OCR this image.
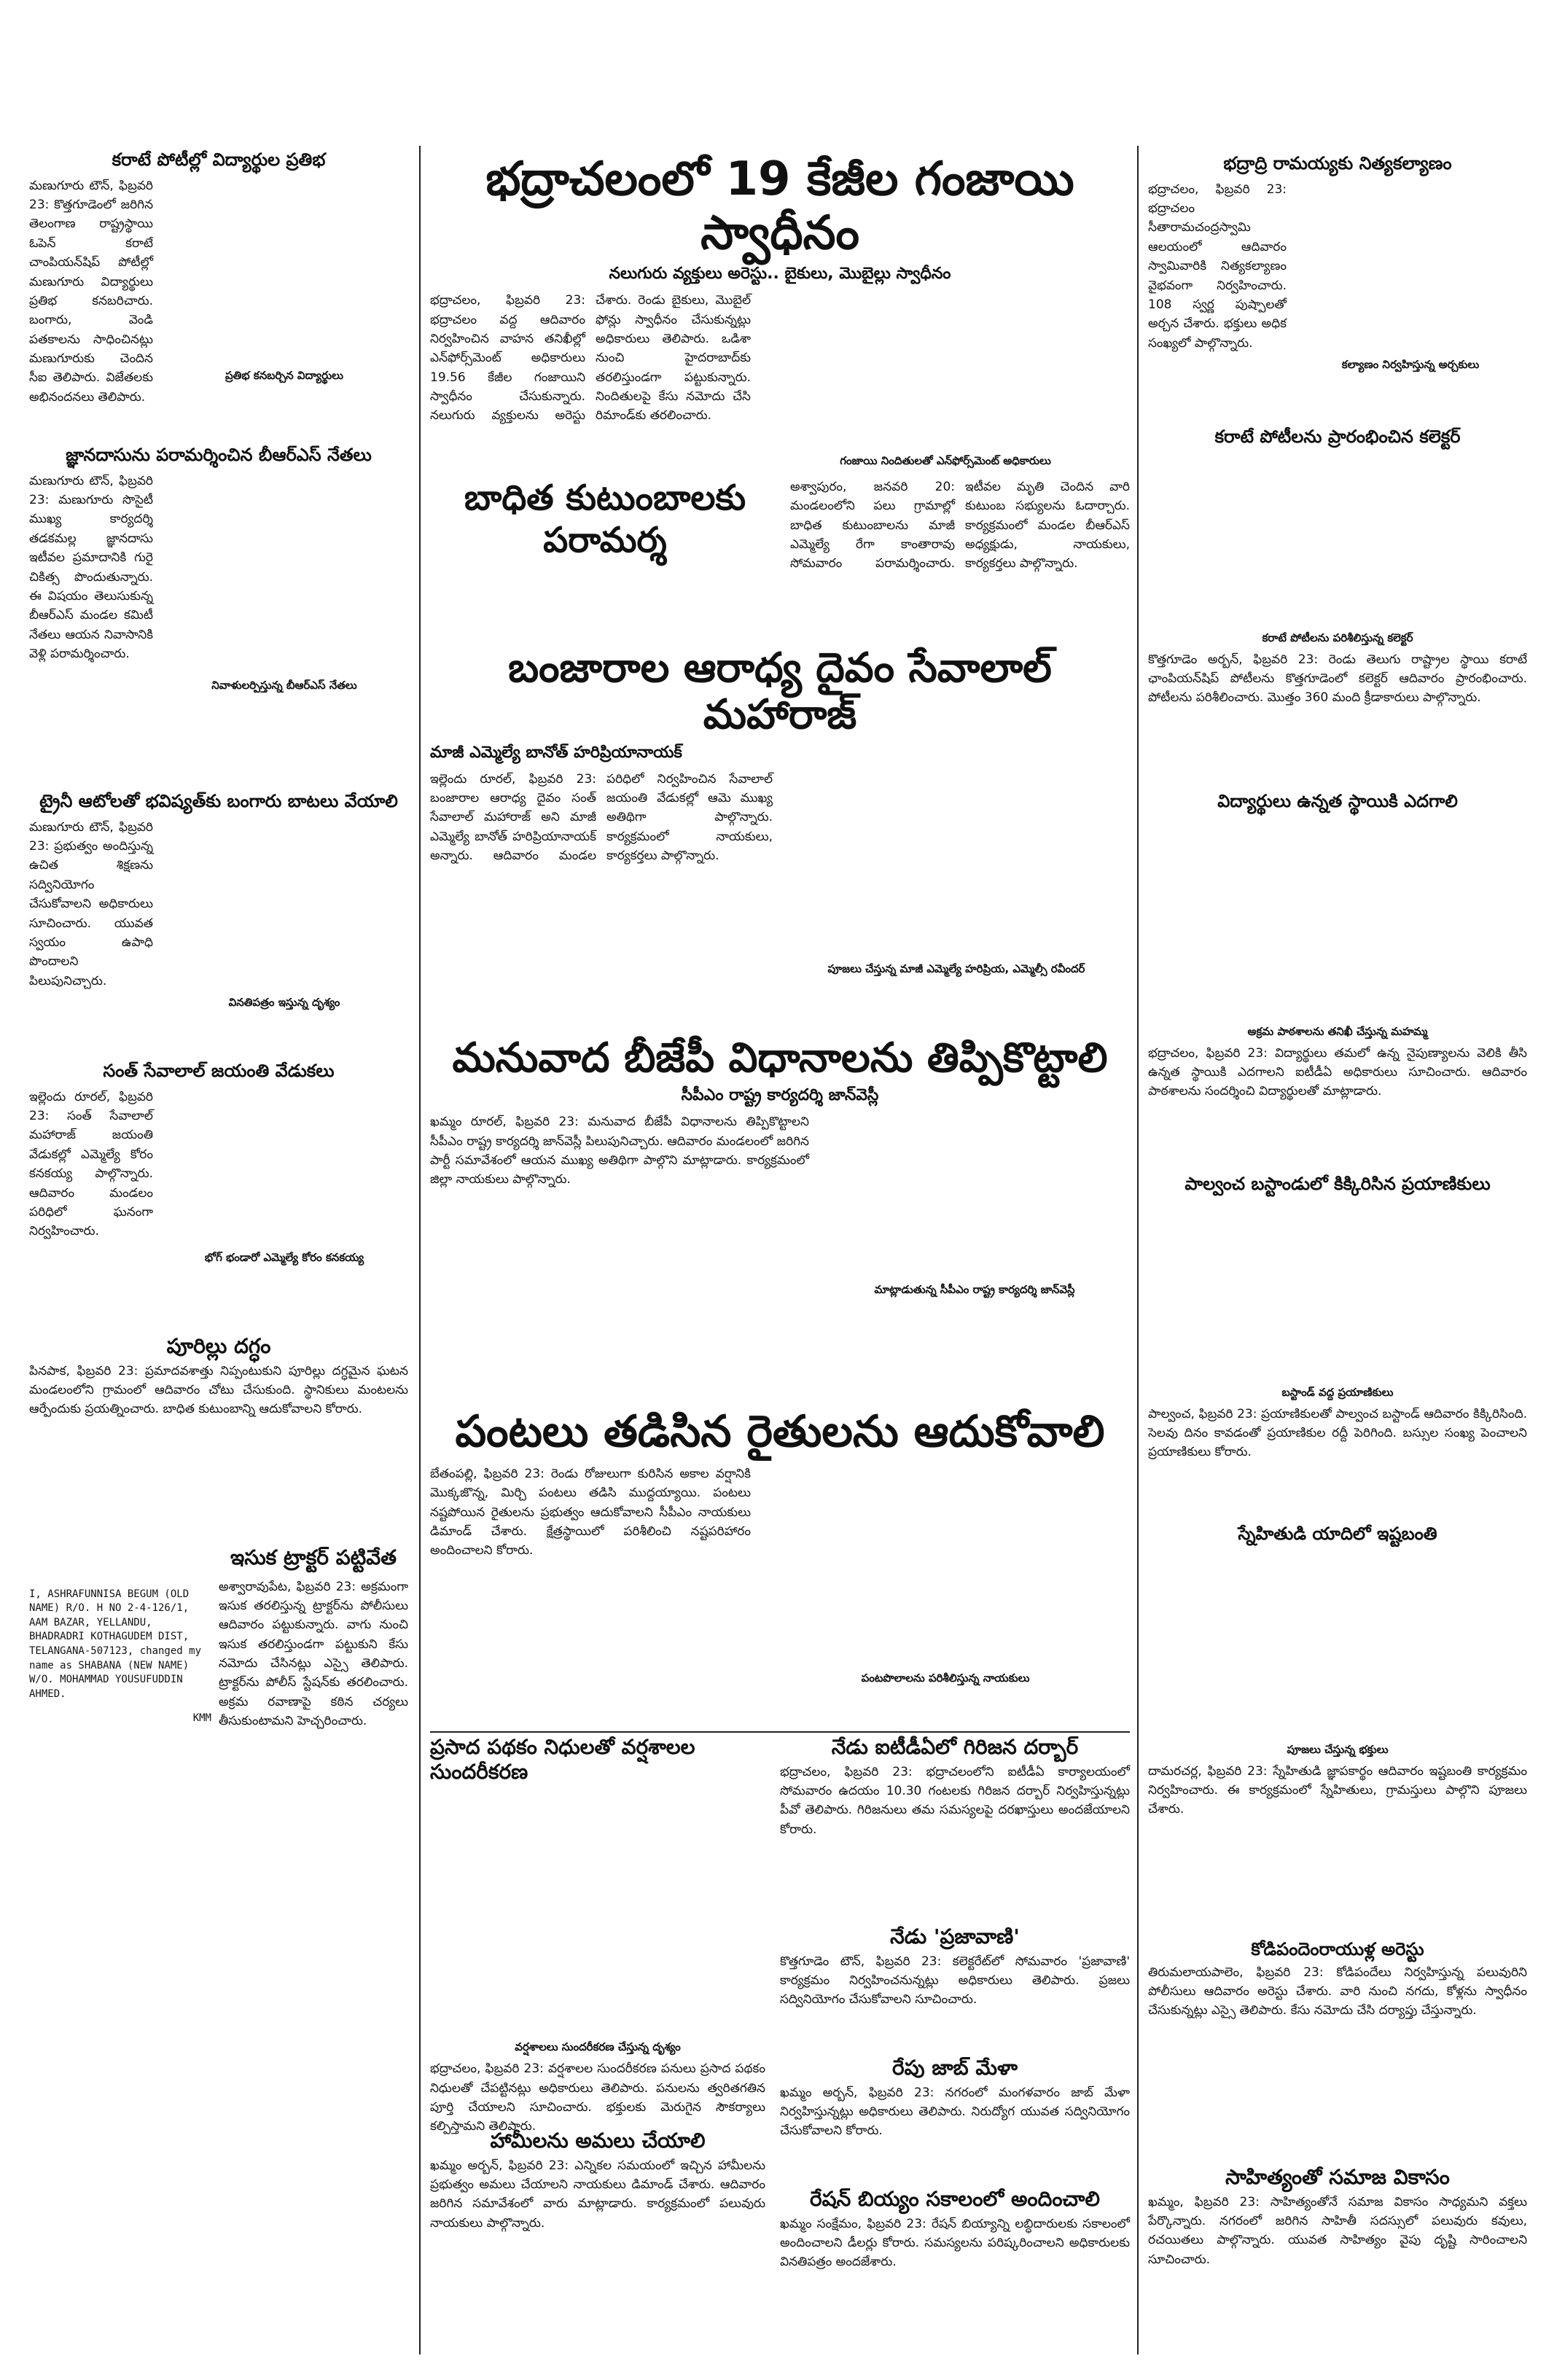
కరాటే పోటీల్లో విద్యార్థుల ప్రతిభ

మణుగూరు టౌన్, ఫిబ్రవరి 23: కొత్తగూడెంలో జరిగిన తెలంగాణ రాష్ట్రస్థాయి ఓపెన్ కరాటే చాంపియన్‌షిప్ పోటీల్లో మణుగూరు విద్యార్థులు ప్రతిభ కనబరిచారు. బంగారు, వెండి పతకాలను సాధించినట్లు మణుగూరుకు చెందిన సీఐ తెలిపారు. విజేతలకు అభినందనలు తెలిపారు.

ప్రతిభ కనబర్చిన విద్యార్థులు

జ్ఞానదాసును పరామర్శించిన బీఆర్ఎస్ నేతలు

మణుగూరు టౌన్, ఫిబ్రవరి 23: మణుగూరు సొసైటీ ముఖ్య కార్యదర్శి తడకమల్ల జ్ఞానదాసు ఇటీవల ప్రమాదానికి గురై చికిత్స పొందుతున్నారు. ఈ విషయం తెలుసుకున్న బీఆర్ఎస్ మండల కమిటీ నేతలు ఆయన నివాసానికి వెళ్లి పరామర్శించారు.

నివాళులర్పిస్తున్న బీఆర్ఎస్ నేతలు

ట్రైనీ ఆటోలతో భవిష్యత్‌కు బంగారు బాటలు వేయాలి

మణుగూరు టౌన్, ఫిబ్రవరి 23: ప్రభుత్వం అందిస్తున్న ఉచిత శిక్షణను సద్వినియోగం చేసుకోవాలని అధికారులు సూచించారు. యువత స్వయం ఉపాధి పొందాలని పిలుపునిచ్చారు.

వినతిపత్రం ఇస్తున్న దృశ్యం

సంత్ సేవాలాల్ జయంతి వేడుకలు

ఇల్లెందు రూరల్, ఫిబ్రవరి 23: సంత్ సేవాలాల్ మహారాజ్ జయంతి వేడుకల్లో ఎమ్మెల్యే కోరం కనకయ్య పాల్గొన్నారు. ఆదివారం మండలం పరిధిలో ఘనంగా నిర్వహించారు.

భోగ్ భండారో ఎమ్మెల్యే కోరం కనకయ్య

పూరిల్లు దగ్ధం

పినపాక, ఫిబ్రవరి 23: ప్రమాదవశాత్తు నిప్పంటుకుని పూరిల్లు దగ్ధమైన ఘటన మండలంలోని గ్రామంలో ఆదివారం చోటు చేసుకుంది. స్థానికులు మంటలను ఆర్పేందుకు ప్రయత్నించారు. బాధిత కుటుంబాన్ని ఆదుకోవాలని కోరారు.

ఇసుక ట్రాక్టర్ పట్టివేత

I, ASHRAFUNNISA BEGUM (OLD NAME) R/O. H NO 2-4-126/1, AAM BAZAR, YELLANDU, BHADRADRI KOTHAGUDEM DIST, TELANGANA-507123, changed my name as SHABANA (NEW NAME) W/O. MOHAMMAD YOUSUFUDDIN AHMED.

KMM

అశ్వారావుపేట, ఫిబ్రవరి 23: అక్రమంగా ఇసుక తరలిస్తున్న ట్రాక్టర్‌ను పోలీసులు ఆదివారం పట్టుకున్నారు. వాగు నుంచి ఇసుక తరలిస్తుండగా పట్టుకుని కేసు నమోదు చేసినట్లు ఎస్సై తెలిపారు. ట్రాక్టర్‌ను పోలీస్ స్టేషన్‌కు తరలించారు. అక్రమ రవాణాపై కఠిన చర్యలు తీసుకుంటామని హెచ్చరించారు.

భద్రాచలంలో 19 కేజీల గంజాయి స్వాధీనం

నలుగురు వ్యక్తులు అరెస్టు.. బైకులు, మొబైల్లు స్వాధీనం

భద్రాచలం, ఫిబ్రవరి 23: భద్రాచలం వద్ద ఆదివారం నిర్వహించిన వాహన తనిఖీల్లో ఎన్‌ఫోర్స్‌మెంట్ అధికారులు 19.56 కేజీల గంజాయిని స్వాధీనం చేసుకున్నారు. నలుగురు వ్యక్తులను అరెస్టు చేశారు. రెండు బైకులు, మొబైల్ ఫోన్లు స్వాధీనం చేసుకున్నట్లు అధికారులు తెలిపారు. ఒడిశా నుంచి హైదరాబాద్‌కు తరలిస్తుండగా పట్టుకున్నారు. నిందితులపై కేసు నమోదు చేసి రిమాండ్‌కు తరలించారు.

గంజాయి నిందితులతో ఎన్‌ఫోర్స్‌మెంట్ అధికారులు

బాధిత కుటుంబాలకు పరామర్శ

అశ్వాపురం, జనవరి 20: మండలంలోని పలు గ్రామాల్లో బాధిత కుటుంబాలను మాజీ ఎమ్మెల్యే రేగా కాంతారావు సోమవారం పరామర్శించారు. ఇటీవల మృతి చెందిన వారి కుటుంబ సభ్యులను ఓదార్చారు. కార్యక్రమంలో మండల బీఆర్ఎస్ అధ్యక్షుడు, నాయకులు, కార్యకర్తలు పాల్గొన్నారు.

బంజారాల ఆరాధ్య దైవం సేవాలాల్ మహారాజ్

మాజీ ఎమ్మెల్యే బానోత్ హరిప్రియానాయక్

ఇల్లెందు రూరల్, ఫిబ్రవరి 23: బంజారాల ఆరాధ్య దైవం సంత్ సేవాలాల్ మహారాజ్ అని మాజీ ఎమ్మెల్యే బానోత్ హరిప్రియానాయక్ అన్నారు. ఆదివారం మండల పరిధిలో నిర్వహించిన సేవాలాల్ జయంతి వేడుకల్లో ఆమె ముఖ్య అతిథిగా పాల్గొన్నారు. కార్యక్రమంలో నాయకులు, కార్యకర్తలు పాల్గొన్నారు.

పూజలు చేస్తున్న మాజీ ఎమ్మెల్యే హరిప్రియ, ఎమ్మెల్సీ రవీందర్

మనువాద బీజేపీ విధానాలను తిప్పికొట్టాలి

సీపీఎం రాష్ట్ర కార్యదర్శి జాన్‌వెస్లీ

ఖమ్మం రూరల్, ఫిబ్రవరి 23: మనువాద బీజేపీ విధానాలను తిప్పికొట్టాలని సీపీఎం రాష్ట్ర కార్యదర్శి జాన్‌వెస్లీ పిలుపునిచ్చారు. ఆదివారం మండలంలో జరిగిన పార్టీ సమావేశంలో ఆయన ముఖ్య అతిథిగా పాల్గొని మాట్లాడారు. కార్యక్రమంలో జిల్లా నాయకులు పాల్గొన్నారు.

మాట్లాడుతున్న సీపీఎం రాష్ట్ర కార్యదర్శి జాన్‌వెస్లీ

పంటలు తడిసిన రైతులను ఆదుకోవాలి

బేతంపల్లి, ఫిబ్రవరి 23: రెండు రోజులుగా కురిసిన అకాల వర్షానికి మొక్కజొన్న, మిర్చి పంటలు తడిసి ముద్దయ్యాయి. పంటలు నష్టపోయిన రైతులను ప్రభుత్వం ఆదుకోవాలని సీపీఎం నాయకులు డిమాండ్ చేశారు. క్షేత్రస్థాయిలో పరిశీలించి నష్టపరిహారం అందించాలని కోరారు.

పంటపొలాలను పరిశీలిస్తున్న నాయకులు

ప్రసాద పథకం నిధులతో వర్షశాలల సుందరీకరణ

వర్షశాలలు సుందరీకరణ చేస్తున్న దృశ్యం

భద్రాచలం, ఫిబ్రవరి 23: వర్షశాలల సుందరీకరణ పనులు ప్రసాద పథకం నిధులతో చేపట్టినట్లు అధికారులు తెలిపారు. పనులను త్వరితగతిన పూర్తి చేయాలని సూచించారు. భక్తులకు మెరుగైన సౌకర్యాలు కల్పిస్తామని తెలిపారు.

హామీలను అమలు చేయాలి

ఖమ్మం అర్బన్, ఫిబ్రవరి 23: ఎన్నికల సమయంలో ఇచ్చిన హామీలను ప్రభుత్వం అమలు చేయాలని నాయకులు డిమాండ్ చేశారు. ఆదివారం జరిగిన సమావేశంలో వారు మాట్లాడారు. కార్యక్రమంలో పలువురు నాయకులు పాల్గొన్నారు.

నేడు ఐటీడీఏలో గిరిజన దర్బార్

భద్రాచలం, ఫిబ్రవరి 23: భద్రాచలంలోని ఐటీడీఏ కార్యాలయంలో సోమవారం ఉదయం 10.30 గంటలకు గిరిజన దర్బార్ నిర్వహిస్తున్నట్లు పీవో తెలిపారు. గిరిజనులు తమ సమస్యలపై దరఖాస్తులు అందజేయాలని కోరారు.

నేడు 'ప్రజావాణి'

కొత్తగూడెం టౌన్, ఫిబ్రవరి 23: కలెక్టరేట్‌లో సోమవారం 'ప్రజావాణి' కార్యక్రమం నిర్వహించనున్నట్లు అధికారులు తెలిపారు. ప్రజలు సద్వినియోగం చేసుకోవాలని సూచించారు.

రేపు జాబ్ మేళా

ఖమ్మం అర్బన్, ఫిబ్రవరి 23: నగరంలో మంగళవారం జాబ్ మేళా నిర్వహిస్తున్నట్లు అధికారులు తెలిపారు. నిరుద్యోగ యువత సద్వినియోగం చేసుకోవాలని కోరారు.

రేషన్ బియ్యం సకాలంలో అందించాలి

ఖమ్మం సంక్షేమం, ఫిబ్రవరి 23: రేషన్ బియ్యాన్ని లబ్ధిదారులకు సకాలంలో అందించాలని డీలర్లు కోరారు. సమస్యలను పరిష్కరించాలని అధికారులకు వినతిపత్రం అందజేశారు.

భద్రాద్రి రామయ్యకు నిత్యకల్యాణం

భద్రాచలం, ఫిబ్రవరి 23: భద్రాచలం సీతారామచంద్రస్వామి ఆలయంలో ఆదివారం స్వామివారికి నిత్యకల్యాణం వైభవంగా నిర్వహించారు. 108 స్వర్ణ పుష్పాలతో అర్చన చేశారు. భక్తులు అధిక సంఖ్యలో పాల్గొన్నారు.

కల్యాణం నిర్వహిస్తున్న అర్చకులు

కరాటే పోటీలను ప్రారంభించిన కలెక్టర్

కరాటే పోటీలను పరిశీలిస్తున్న కలెక్టర్

కొత్తగూడెం అర్బన్, ఫిబ్రవరి 23: రెండు తెలుగు రాష్ట్రాల స్థాయి కరాటే ఛాంపియన్‌షిప్ పోటీలను కొత్తగూడెంలో కలెక్టర్ ఆదివారం ప్రారంభించారు. పోటీలను పరిశీలించారు. మొత్తం 360 మంది క్రీడాకారులు పాల్గొన్నారు.

విద్యార్థులు ఉన్నత స్థాయికి ఎదగాలి

అక్రమ పాఠశాలను తనిఖీ చేస్తున్న మహమ్మ

భద్రాచలం, ఫిబ్రవరి 23: విద్యార్థులు తమలో ఉన్న నైపుణ్యాలను వెలికి తీసి ఉన్నత స్థాయికి ఎదగాలని ఐటీడీఏ అధికారులు సూచించారు. ఆదివారం పాఠశాలను సందర్శించి విద్యార్థులతో మాట్లాడారు.

పాల్వంచ బస్టాండులో కిక్కిరిసిన ప్రయాణికులు

బస్టాండ్ వద్ద ప్రయాణికులు

పాల్వంచ, ఫిబ్రవరి 23: ప్రయాణికులతో పాల్వంచ బస్టాండ్ ఆదివారం కిక్కిరిసింది. సెలవు దినం కావడంతో ప్రయాణికుల రద్దీ పెరిగింది. బస్సుల సంఖ్య పెంచాలని ప్రయాణికులు కోరారు.

స్నేహితుడి యాదిలో ఇష్టబంతి

పూజలు చేస్తున్న భక్తులు

దామరచర్ల, ఫిబ్రవరి 23: స్నేహితుడి జ్ఞాపకార్థం ఆదివారం ఇష్టబంతి కార్యక్రమం నిర్వహించారు. ఈ కార్యక్రమంలో స్నేహితులు, గ్రామస్తులు పాల్గొని పూజలు చేశారు.

కోడిపందెంరాయుళ్ల అరెస్టు

తిరుమలాయపాలెం, ఫిబ్రవరి 23: కోడిపందేలు నిర్వహిస్తున్న పలువురిని పోలీసులు ఆదివారం అరెస్టు చేశారు. వారి నుంచి నగదు, కోళ్లను స్వాధీనం చేసుకున్నట్లు ఎస్సై తెలిపారు. కేసు నమోదు చేసి దర్యాప్తు చేస్తున్నారు.

సాహిత్యంతో సమాజ వికాసం

ఖమ్మం, ఫిబ్రవరి 23: సాహిత్యంతోనే సమాజ వికాసం సాధ్యమని వక్తలు పేర్కొన్నారు. నగరంలో జరిగిన సాహితీ సదస్సులో పలువురు కవులు, రచయితలు పాల్గొన్నారు. యువత సాహిత్యం వైపు దృష్టి సారించాలని సూచించారు.
